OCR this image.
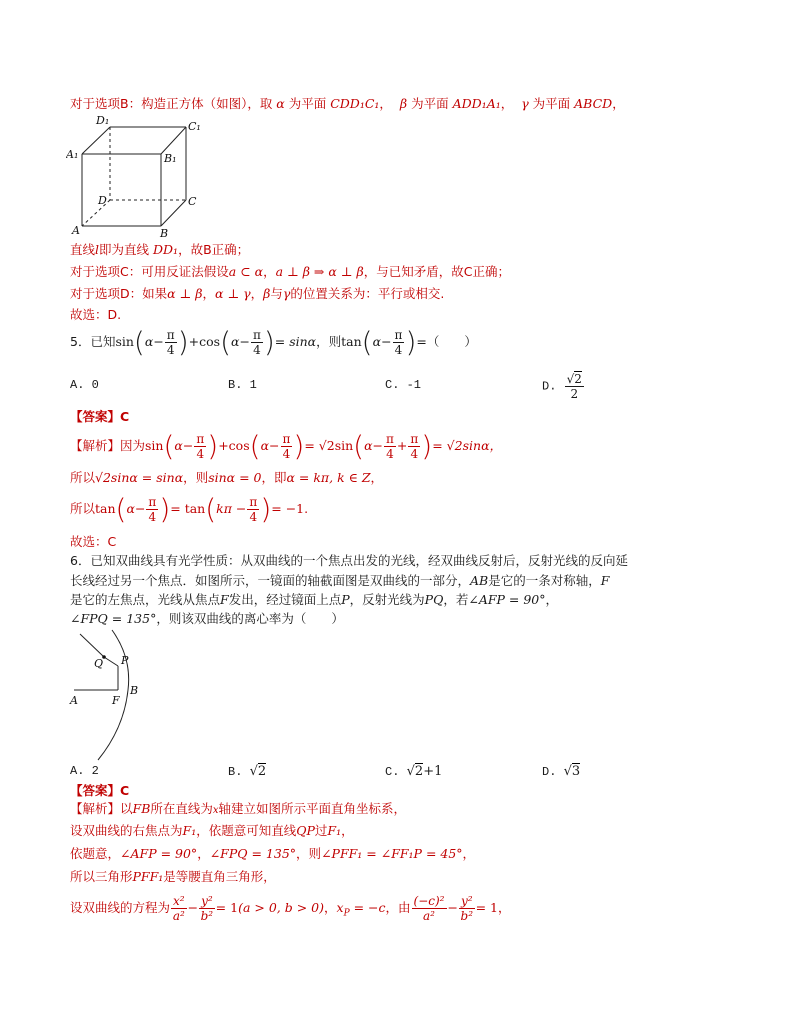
对于选项B：构造正方体（如图），取 α 为平面 CDD₁C₁，  β 为平面 ADD₁A₁，  γ 为平面 ABCD，
D₁	C₁
A₁	B₁
D	C
A	B
直线l即为直线 DD₁，故B正确；
对于选项C：可用反证法假设a ⊂ α，a ⊥ β ⇒ α ⊥ β，与已知矛盾，故C正确；
对于选项D：如果α ⊥ β，α ⊥ γ，β与γ的位置关系为：平行或相交.
故选：D.
5．已知$\sin(\alpha- \frac{\pi}{4} )+\cos(\alpha- \frac{\pi}{4}$ )= sinα，则$\tan(\alpha- \frac{\pi}{4}$ )=（　　）
A. 0	B. 1	C. -1	D. $\frac{√2}{2}$
【答案】C
【解析】因为$\sin(\alpha- \frac{\pi}{4} )+\cos(\alpha- \frac{\pi}{4}$ )= $√2\sin(\alpha- \frac{\pi}{4} + \frac{\pi}{4}$ )= √2sinα，
所以√2sinα = sinα，则sinα = 0，即α = kπ, k ∈ Z，
所以$\tan(\alpha- \frac{\pi}{4}$ )= $\tan(k\pi - \frac{\pi}{4}$ )= −1.
故选：C
6．已知双曲线具有光学性质：从双曲线的一个焦点出发的光线，经双曲线反射后，反射光线的反向延
长线经过另一个焦点．如图所示，一镜面的轴截面图是双曲线的一部分，AB是它的一条对称轴，F
是它的左焦点，光线从焦点F发出，经过镜面上点P，反射光线为PQ，若∠AFP = 90°，
∠FPQ = 135°，则该双曲线的离心率为（　　）
Q P
B
A	F
A. 2	B. √2	C. √2+1	D. √3
【答案】C
【解析】以FB所在直线为x轴建立如图所示平面直角坐标系，
设双曲线的右焦点为F₁，依题意可知直线QP过F₁，
依题意，∠AFP = 90°，∠FPQ = 135°，则∠PFF₁ = ∠FF₁P = 45°，
所以三角形PFF₁是等腰直角三角形，
设双曲线的方程为 $\frac{\text{x²}}{\text{a²}} - \frac{\text{y²}}{\text{b²}} = 1(a > 0$, b > 0)，$x_P = -c$，由 $\frac{\text{(−c)²}}{\text{a²}} - \frac{\text{y²}}{\text{b²}} = 1$，
